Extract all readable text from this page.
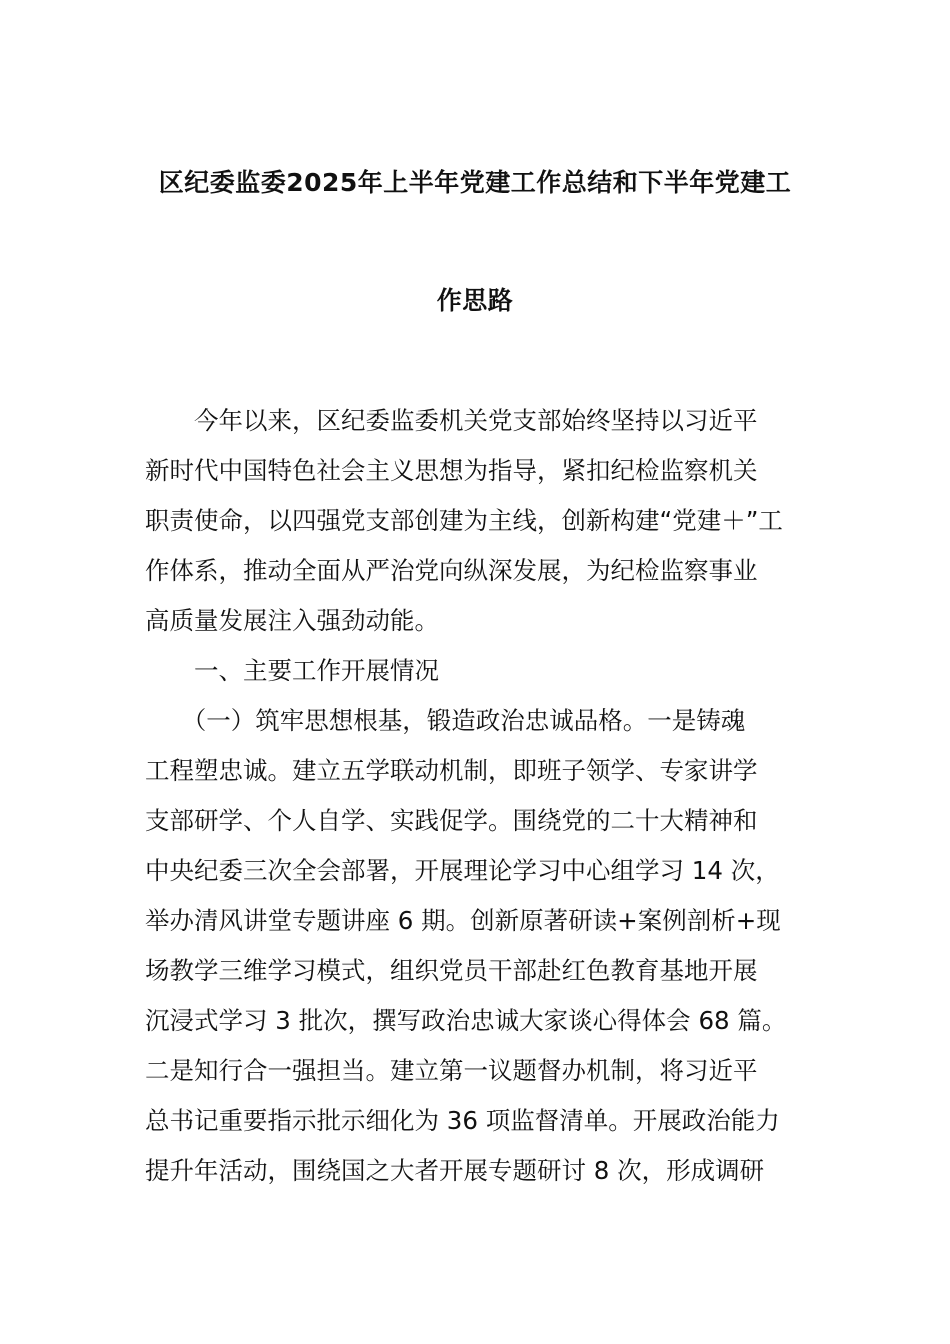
区纪委监委2025年上半年党建工作总结和下半年党建工
作思路
　　今年以来，区纪委监委机关党支部始终坚持以习近平
新时代中国特色社会主义思想为指导，紧扣纪检监察机关
职责使命，以四强党支部创建为主线，创新构建“党建＋”工
作体系，推动全面从严治党向纵深发展，为纪检监察事业
高质量发展注入强劲动能。
　　一、主要工作开展情况
　　（一）筑牢思想根基，锻造政治忠诚品格。一是铸魂
工程塑忠诚。建立五学联动机制，即班子领学、专家讲学
支部研学、个人自学、实践促学。围绕党的二十大精神和
中央纪委三次全会部署，开展理论学习中心组学习 14 次，
举办清风讲堂专题讲座 6 期。创新原著研读+案例剖析+现
场教学三维学习模式，组织党员干部赴红色教育基地开展
沉浸式学习 3 批次，撰写政治忠诚大家谈心得体会 68 篇。
二是知行合一强担当。建立第一议题督办机制，将习近平
总书记重要指示批示细化为 36 项监督清单。开展政治能力
提升年活动，围绕国之大者开展专题研讨 8 次，形成调研
